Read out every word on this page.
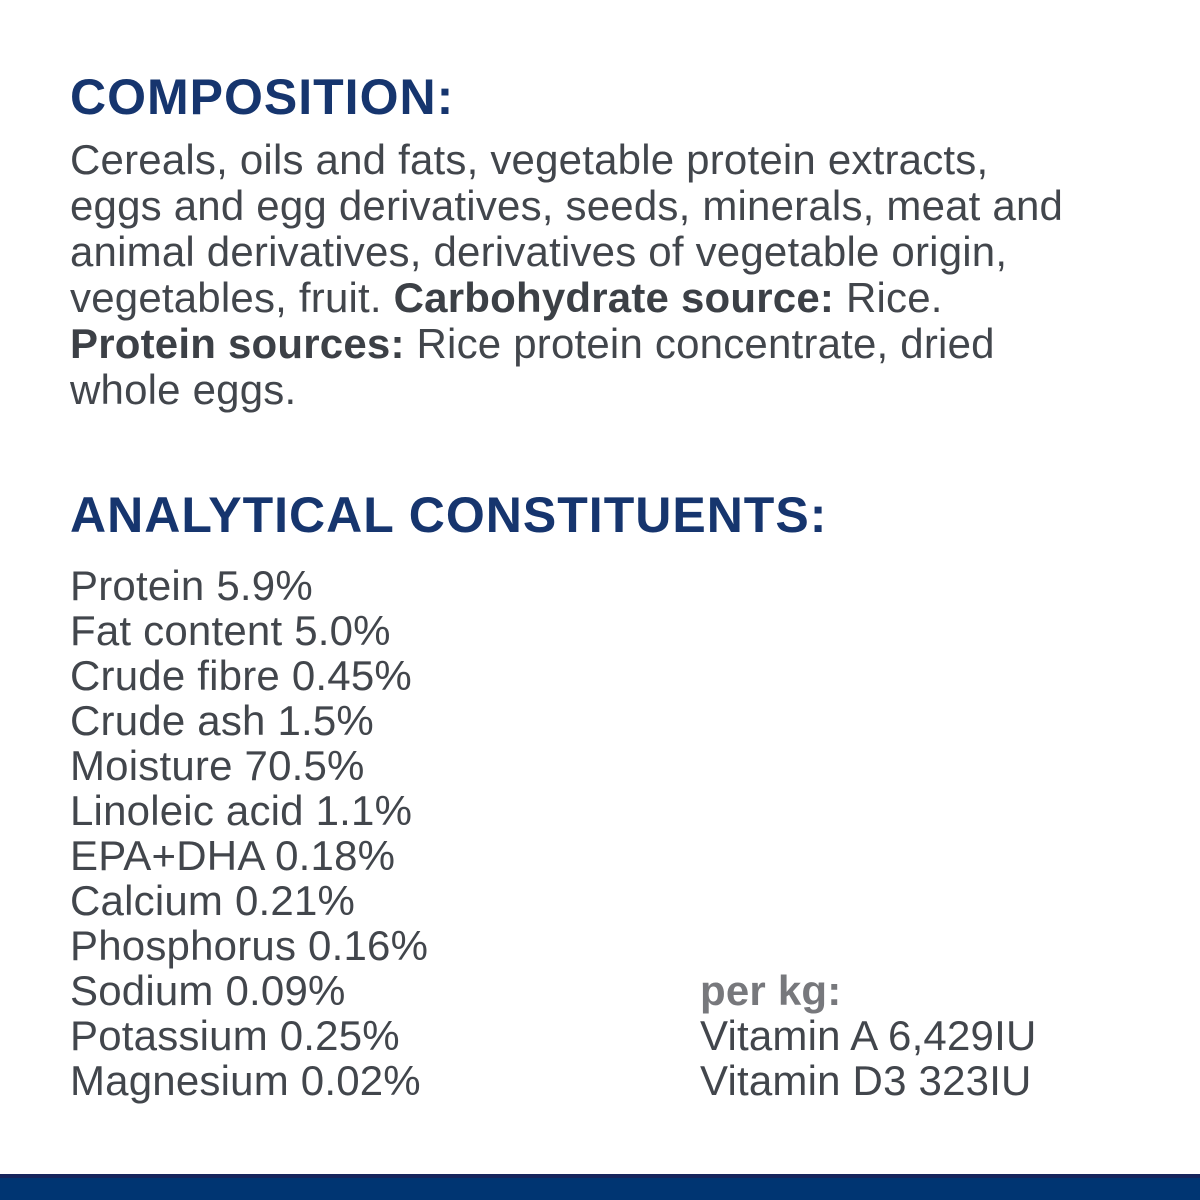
COMPOSITION:
Cereals, oils and fats, vegetable protein extracts,
eggs and egg derivatives, seeds, minerals, meat and
animal derivatives, derivatives of vegetable origin,
vegetables, fruit. Carbohydrate source: Rice.
Protein sources: Rice protein concentrate, dried
whole eggs.
ANALYTICAL CONSTITUENTS:
Protein 5.9%
Fat content 5.0%
Crude fibre 0.45%
Crude ash 1.5%
Moisture 70.5%
Linoleic acid 1.1%
EPA+DHA 0.18%
Calcium 0.21%
Phosphorus 0.16%
Sodium 0.09%
Potassium 0.25%
Magnesium 0.02%
per kg:
Vitamin A 6,429IU
Vitamin D3 323IU
